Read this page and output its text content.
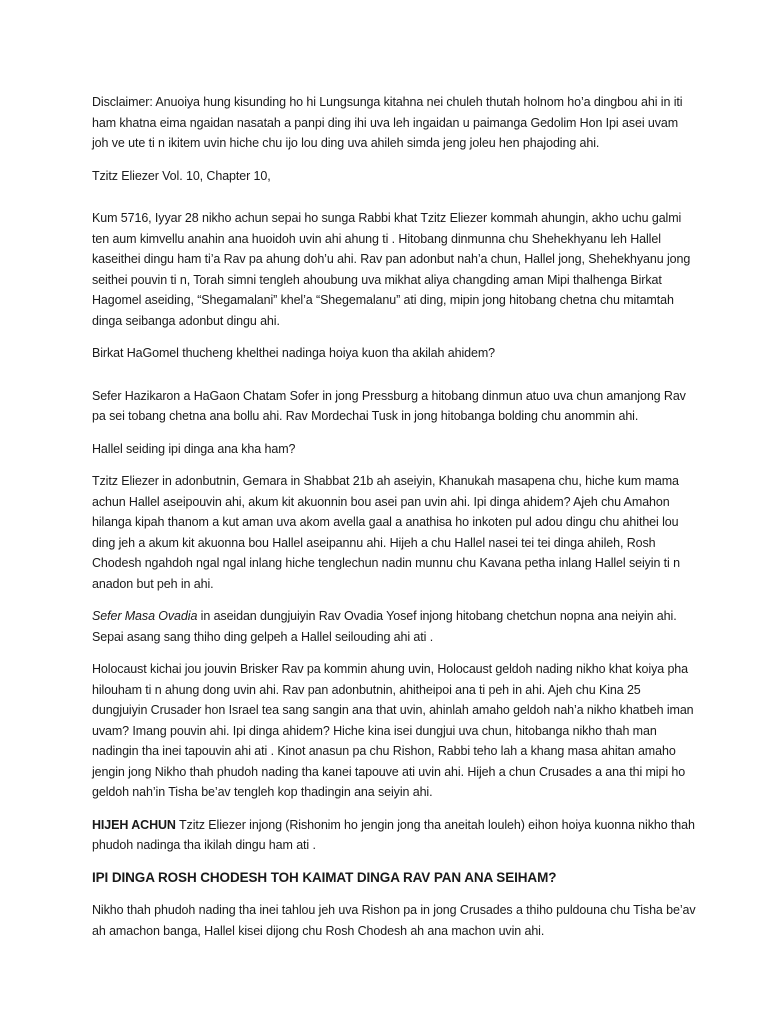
Disclaimer: Anuoiya hung kisunding ho hi Lungsunga kitahna nei chuleh thutah holnom ho’a dingbou ahi in iti ham khatna eima ngaidan nasatah a panpi ding ihi uva leh ingaidan u paimanga Gedolim Hon Ipi asei uvam joh ve ute ti n ikitem uvin hiche chu ijo lou ding uva ahileh simda jeng joleu hen phajoding ahi.

Tzitz Eliezer Vol. 10, Chapter 10,

Kum 5716, Iyyar 28 nikho achun sepai ho sunga Rabbi khat Tzitz Eliezer kommah ahungin, akho uchu galmi ten aum kimvellu anahin ana huoidoh uvin ahi ahung ti . Hitobang dinmunna chu Shehekhyanu leh Hallel kaseithei dingu ham ti’a Rav pa ahung doh’u ahi. Rav pan adonbut nah’a chun, Hallel jong, Shehekhyanu jong seithei pouvin ti n, Torah simni tengleh ahoubung uva mikhat aliya changding aman Mipi thalhenga Birkat Hagomel aseiding, “Shegamalani” khel’a “Shegemalanu” ati ding, mipin jong hitobang chetna chu mitamtah dinga seibanga adonbut dingu ahi.

Birkat HaGomel thucheng khelthei nadinga hoiya kuon tha akilah ahidem?

Sefer Hazikaron a HaGaon Chatam Sofer in jong Pressburg a hitobang dinmun atuo uva chun amanjong Rav pa sei tobang chetna ana bollu ahi. Rav Mordechai Tusk in jong hitobanga bolding chu anommin ahi.

Hallel seiding ipi dinga ana kha ham?

Tzitz Eliezer in adonbutnin, Gemara in Shabbat 21b ah aseiyin, Khanukah masapena chu, hiche kum mama achun Hallel aseipouvin ahi, akum kit akuonnin bou asei pan uvin ahi. Ipi dinga ahidem? Ajeh chu Amahon hilanga kipah thanom a kut aman uva akom avella gaal a anathisa ho inkoten pul adou dingu chu ahithei lou ding jeh a akum kit akuonna bou Hallel aseipannu ahi. Hijeh a chu Hallel nasei tei tei dinga ahileh, Rosh Chodesh ngahdoh ngal ngal inlang hiche tenglechun nadin munnu chu Kavana petha inlang Hallel seiyin ti n anadon but peh in ahi.

Sefer Masa Ovadia in aseidan dungjuiyin Rav Ovadia Yosef injong hitobang chetchun nopna ana neiyin ahi. Sepai asang sang thiho ding gelpeh a Hallel seilouding ahi ati .

Holocaust kichai jou jouvin Brisker Rav pa kommin ahung uvin, Holocaust geldoh nading nikho khat koiya pha hilouham ti n ahung dong uvin ahi. Rav pan adonbutnin, ahitheipoi ana ti peh in ahi. Ajeh chu Kina 25 dungjuiyin Crusader hon Israel tea sang sangin ana that uvin, ahinlah amaho geldoh nah’a nikho khatbeh iman uvam? Imang pouvin ahi. Ipi dinga ahidem? Hiche kina isei dungjui uva chun, hitobanga nikho thah man nadingin tha inei tapouvin ahi ati . Kinot anasun pa chu Rishon, Rabbi teho lah a khang masa ahitan amaho jengin jong Nikho thah phudoh nading tha kanei tapouve ati uvin ahi. Hijeh a chun Crusades a ana thi mipi ho geldoh nah’in Tisha be’av tengleh kop thadingin ana seiyin ahi.

HIJEH ACHUN Tzitz Eliezer injong (Rishonim ho jengin jong tha aneitah louleh) eihon hoiya kuonna nikho thah phudoh nadinga tha ikilah dingu ham ati .

IPI DINGA ROSH CHODESH TOH KAIMAT DINGA RAV PAN ANA SEIHAM?

Nikho thah phudoh nading tha inei tahlou jeh uva Rishon pa in jong Crusades a thiho puldouna chu Tisha be’av ah amachon banga, Hallel kisei dijong chu Rosh Chodesh ah ana machon uvin ahi.
